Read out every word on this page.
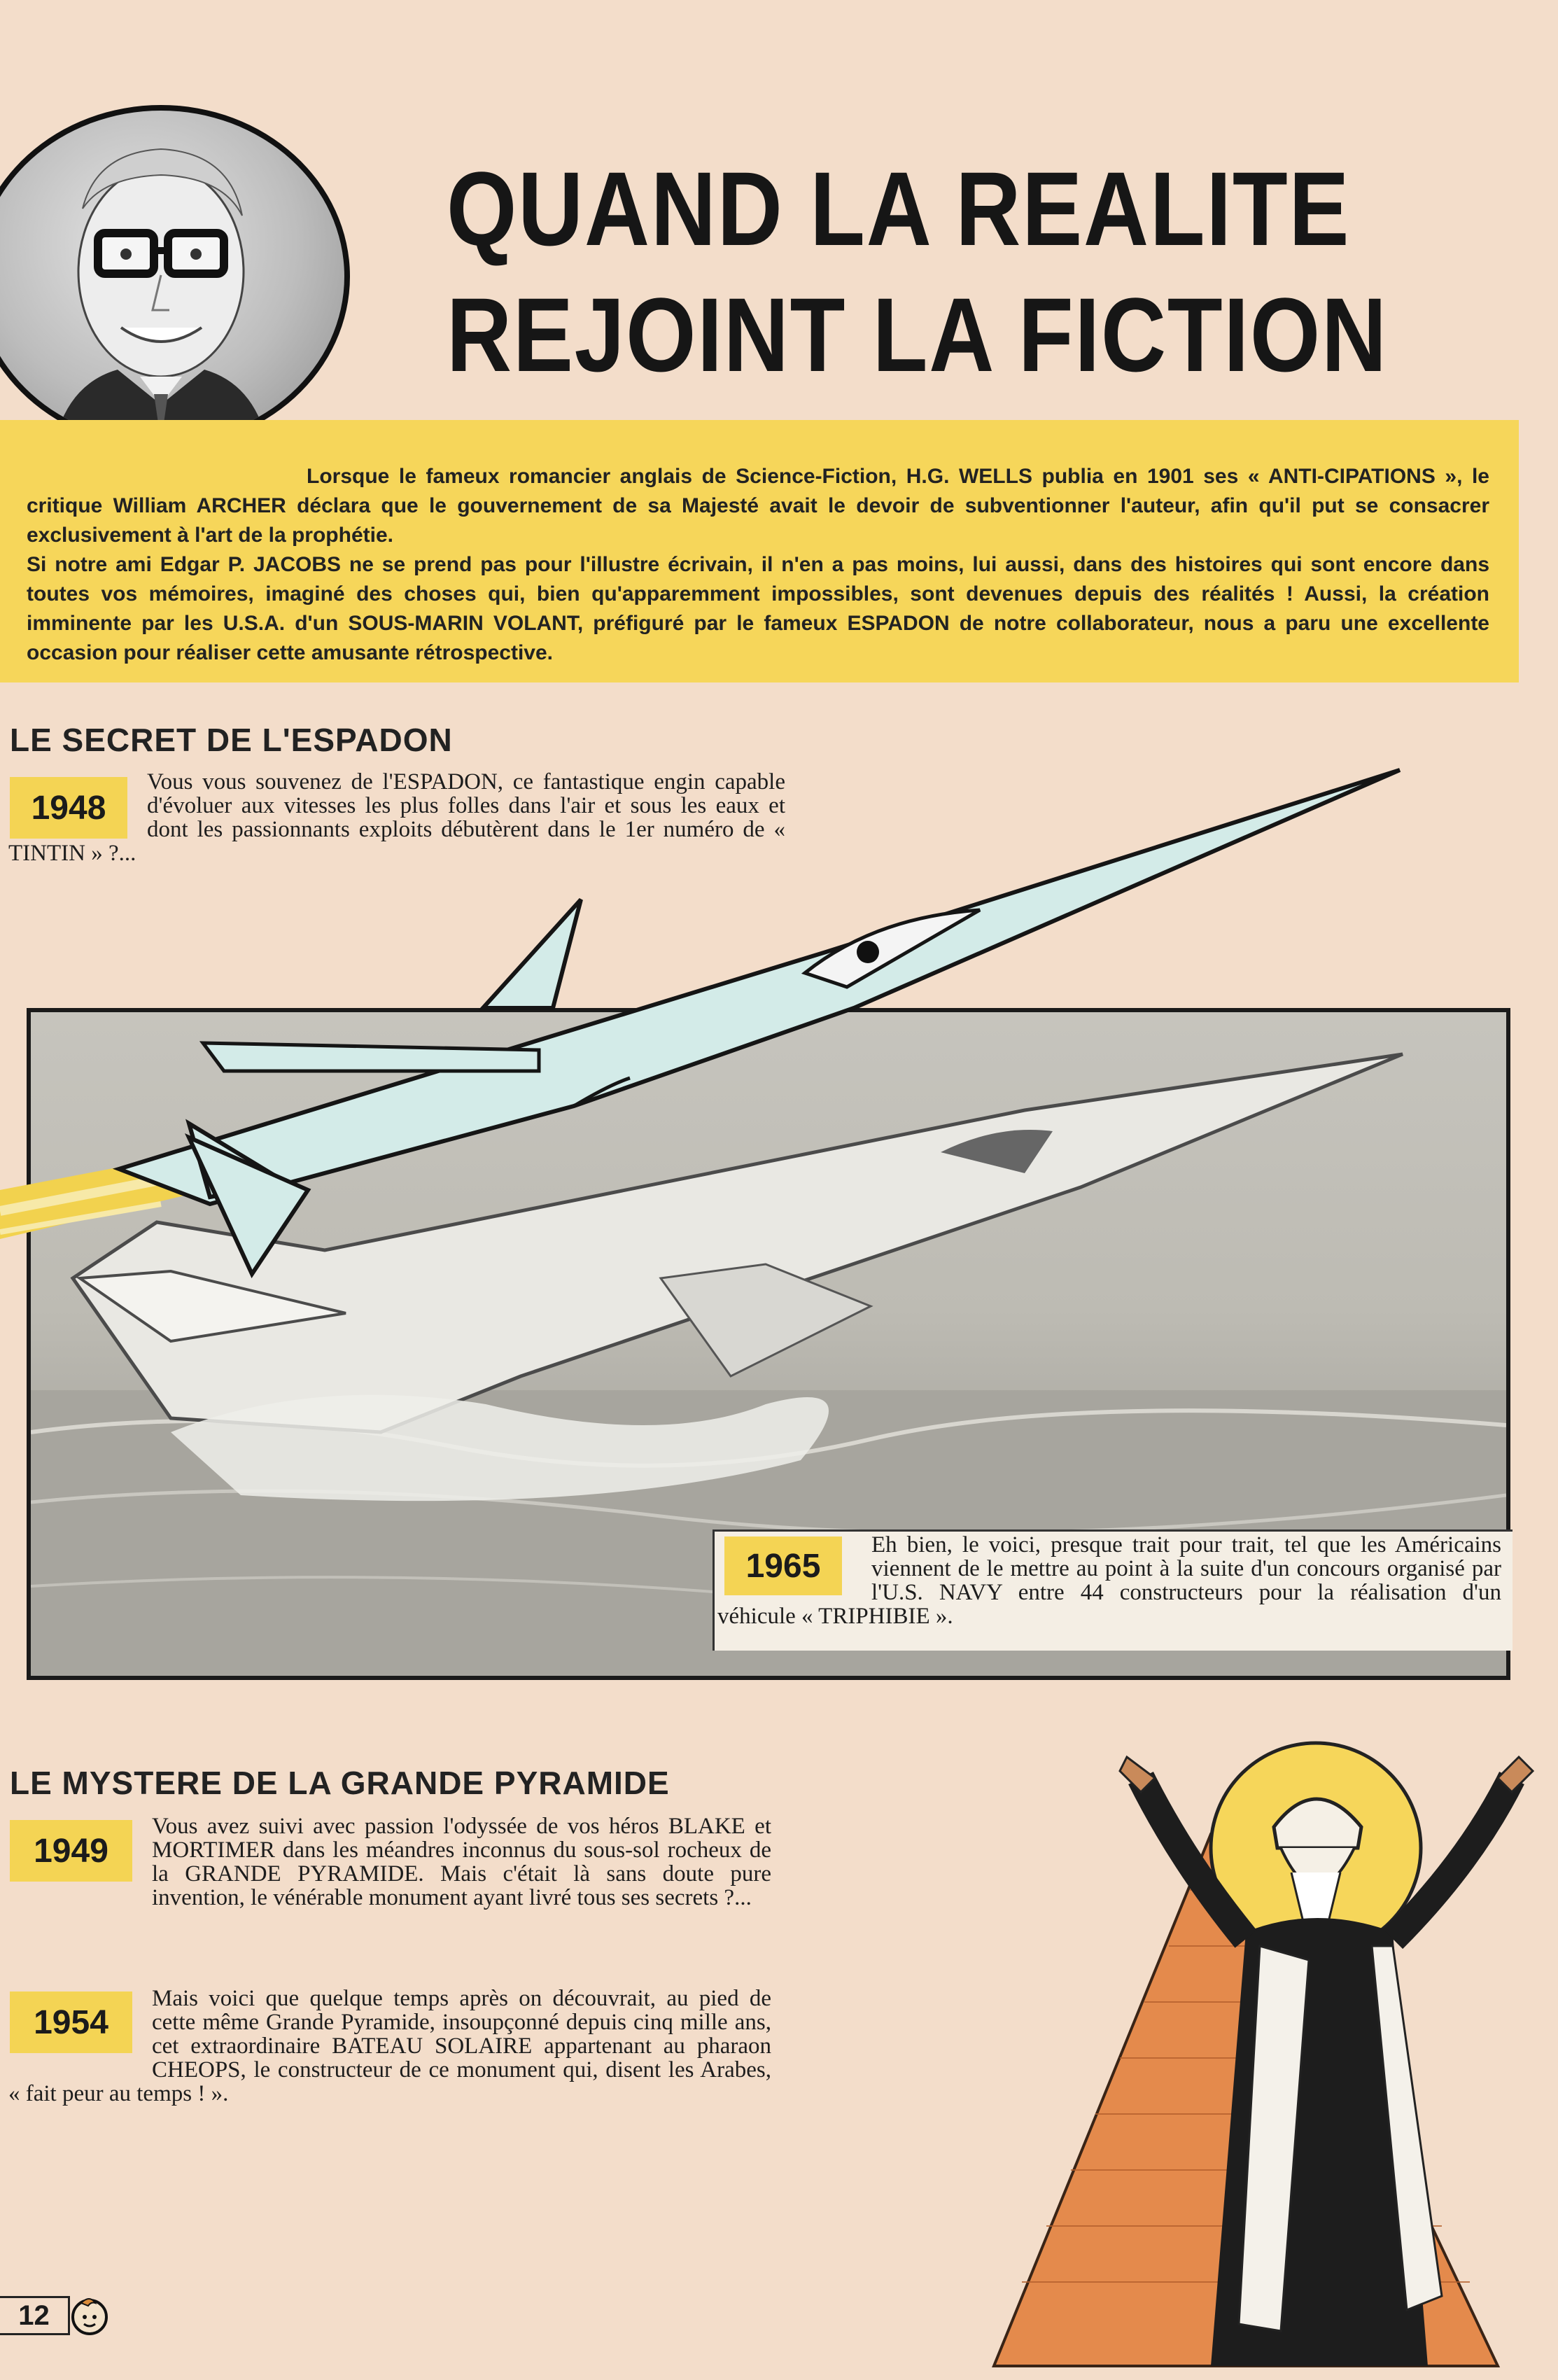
QUAND LA REALITE
REJOINT LA FICTION
Lorsque le fameux romancier anglais de Science-Fiction, H.G. WELLS publia en 1901 ses « ANTI-CIPATIONS », le critique William ARCHER déclara que le gouvernement de sa Majesté avait le devoir de subventionner l'auteur, afin qu'il put se consacrer exclusivement à l'art de la prophétie.
Si notre ami Edgar P. JACOBS ne se prend pas pour l'illustre écrivain, il n'en a pas moins, lui aussi, dans des histoires qui sont encore dans toutes vos mémoires, imaginé des choses qui, bien qu'apparemment impossibles, sont devenues depuis des réalités ! Aussi, la création imminente par les U.S.A. d'un SOUS-MARIN VOLANT, préfiguré par le fameux ESPADON de notre collaborateur, nous a paru une excellente occasion pour réaliser cette amusante rétrospective.
LE SECRET DE L'ESPADON
Vous vous souvenez de l'ESPADON, ce fantastique engin capable d'évoluer aux vitesses les plus folles dans l'air et sous les eaux et dont les passionnants exploits débutèrent dans le 1er numéro de « TINTIN » ?...
1948
Eh bien, le voici, presque trait pour trait, tel que les Américains viennent de le mettre au point à la suite d'un concours organisé par l'U.S. NAVY entre 44 constructeurs pour la réalisation d'un véhicule « TRIPHIBIE ».
1965
LE MYSTERE DE LA GRANDE PYRAMIDE
Vous avez suivi avec passion l'odyssée de vos héros BLAKE et MORTIMER dans les méandres inconnus du sous-sol rocheux de la GRANDE PYRAMIDE. Mais c'était là sans doute pure invention, le vénérable monument ayant livré tous ses secrets ?...
1949
Mais voici que quelque temps après on découvrait, au pied de cette même Grande Pyramide, insoupçonné depuis cinq mille ans, cet extraordinaire BATEAU SOLAIRE appartenant au pharaon CHEOPS, le constructeur de ce monument qui, disent les Arabes, « fait peur au temps ! ».
1954
12
